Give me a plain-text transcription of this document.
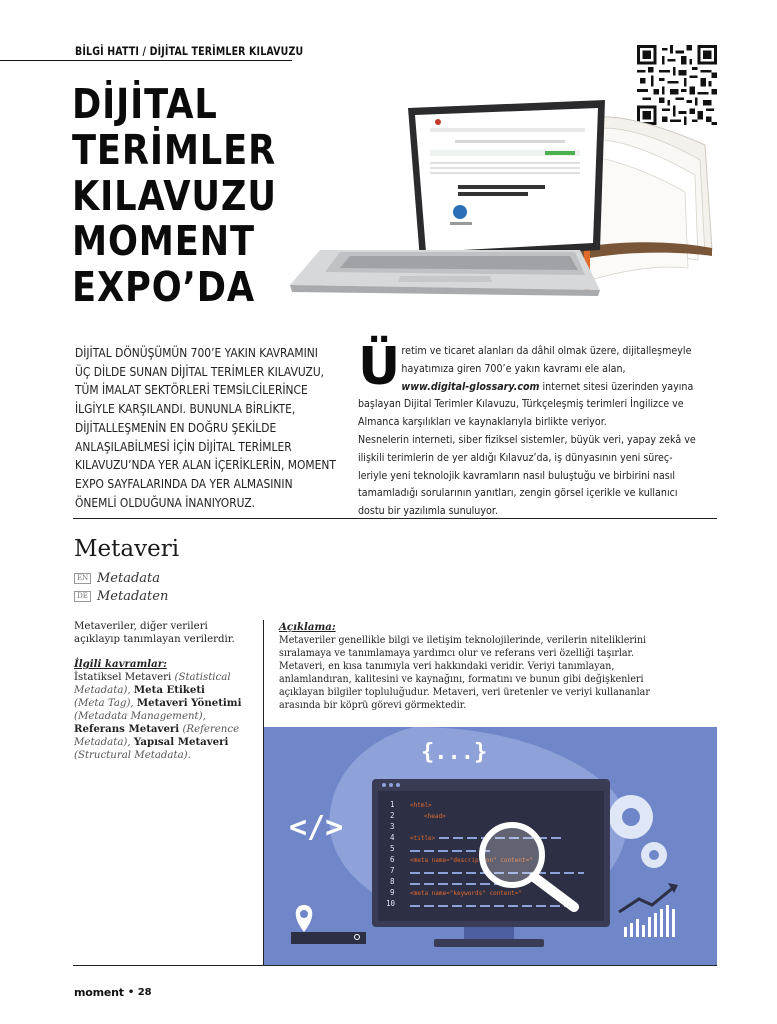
BİLGİ HATTI / DİJİTAL TERİMLER KILAVUZU
DİJİTAL
TERİMLER
KILAVUZU
MOMENT
EXPO’DA
DİJİTAL DÖNÜŞÜMÜN 700’E YAKIN KAVRAMINI
ÜÇ DİLDE SUNAN DİJİTAL TERİMLER KILAVUZU,
TÜM İMALAT SEKTÖRLERİ TEMSİLCİLERİNCE
İLGİYLE KARŞILANDI. BUNUNLA BİRLİKTE,
DİJİTALLEŞMENİN EN DOĞRU ŞEKİLDE
ANLAŞILABİLMESİ İÇİN DİJİTAL TERİMLER
KILAVUZU’NDA YER ALAN İÇERİKLERİN, MOMENT
EXPO SAYFALARINDA DA YER ALMASININ
ÖNEMLİ OLDUĞUNA İNANIYORUZ.
Ü retim ve ticaret alanları da dâhil olmak üzere, dijitalleşmeyle
hayatımıza giren 700’e yakın kavramı ele alan,
www.digital-glossary.com internet sitesi üzerinden yayına
başlayan Dijital Terimler Kılavuzu, Türkçeleşmiş terimleri İngilizce ve
Almanca karşılıkları ve kaynaklarıyla birlikte veriyor.
Nesnelerin interneti, siber fiziksel sistemler, büyük veri, yapay zekâ ve
ilişkili terimlerin de yer aldığı Kılavuz’da, iş dünyasının yeni süreç-
leriyle yeni teknolojik kavramların nasıl buluştuğu ve birbirini nasıl
tamamladığı sorularının yanıtları, zengin görsel içerikle ve kullanıcı
dostu bir yazılımla sunuluyor.
Metaveri
EN Metadata
DE Metadaten
Metaveriler, diğer verileri
açıklayıp tanımlayan verilerdir.
İlgili kavramlar:
İstatiksel Metaveri (Statistical
Metadata), Meta Etiketi
(Meta Tag), Metaveri Yönetimi
(Metadata Management),
Referans Metaveri (Reference
Metadata), Yapısal Metaveri
(Structural Metadata).
Açıklama:
Metaveriler genellikle bilgi ve iletişim teknolojilerinde, verilerin niteliklerini
sıralamaya ve tanımlamaya yardımcı olur ve referans veri özelliği taşırlar.
Metaveri, en kısa tanımıyla veri hakkındaki veridir. Veriyi tanımlayan,
anlamlandıran, kalitesini ve kaynağını, formatını ve bunun gibi değişkenleri
açıklayan bilgiler topluluğudur. Metaveri, veri üretenler ve veriyi kullananlar
arasında bir köprü görevi görmektedir.
{...}
</>
1
2
3
4
5
6
7
8
9
10
<html>
<head>
<title>
<meta name="description" content="
<meta name="keywords" content="
moment • 28
